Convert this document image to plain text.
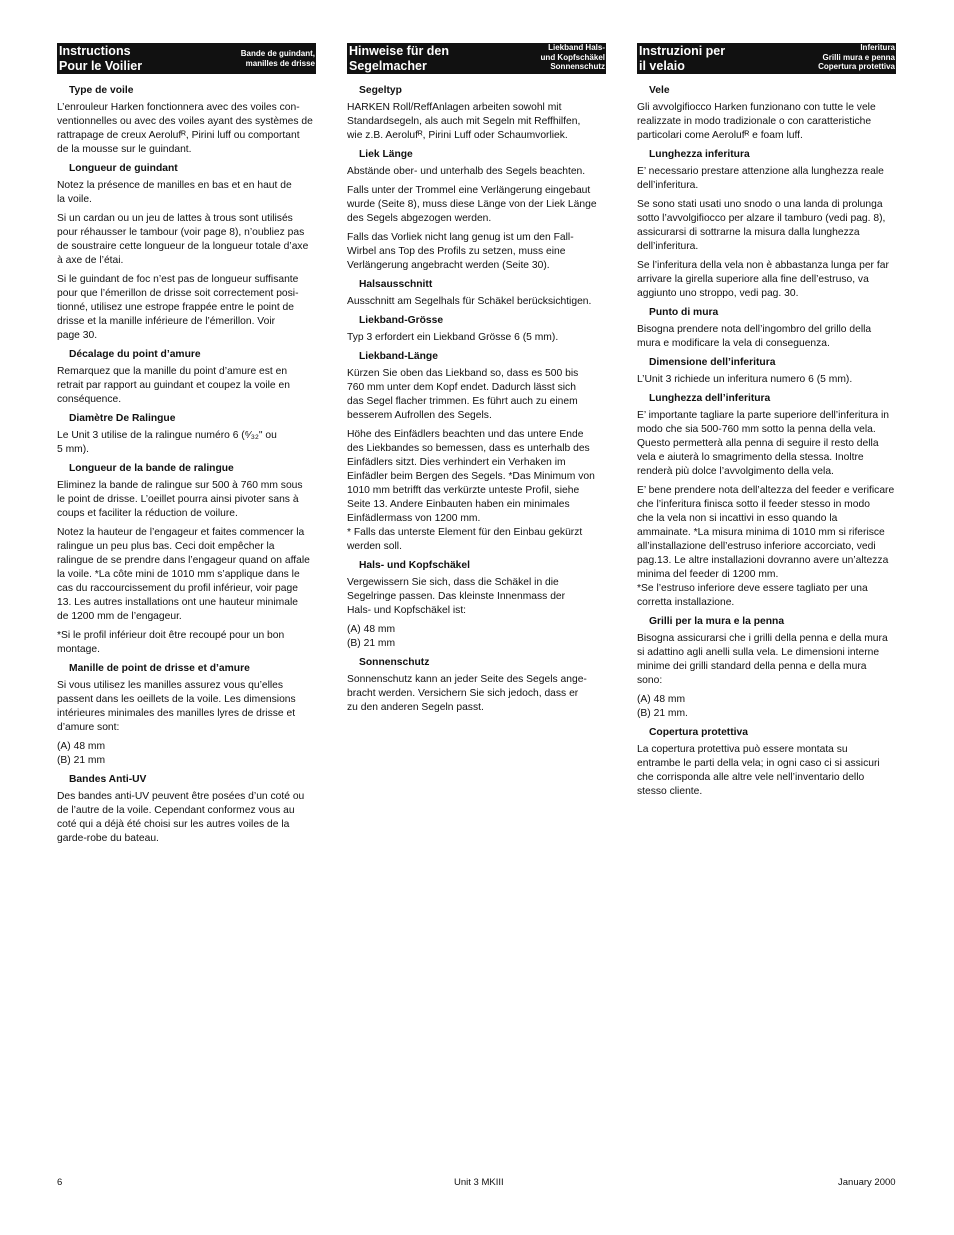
Instructions
Pour le Voilier
Bande de guindant,
manilles de drisse
Type de voile
L’enrouleur Harken fonctionnera avec des voiles con-
ventionnelles ou avec des voiles ayant des systèmes de
rattrapage de creux Aerolufᴿ, Pirini luff ou comportant
de la mousse sur le guindant.
Longueur de guindant
Notez la présence de manilles en bas et en haut de
la voile.
Si un cardan ou un jeu de lattes à trous sont utilisés
pour réhausser le tambour (voir page 8), n’oubliez pas
de soustraire cette longueur de la longueur totale d’axe
à axe de l’étai.
Si le guindant de foc n’est pas de longueur suffisante
pour que l’émerillon de drisse soit correctement posi-
tionné, utilisez une estrope frappée entre le point de
drisse et la manille inférieure de l’émerillon. Voir
page 30.
Décalage du point d’amure
Remarquez que la manille du point d’amure est en
retrait par rapport au guindant et coupez la voile en
conséquence.
Diamètre De Ralingue
Le Unit 3 utilise de la ralingue numéro 6 (⁶⁄₃₂" ou
5 mm).
Longueur de la bande de ralingue
Eliminez la bande de ralingue sur 500 à 760 mm sous
le point de drisse. L’oeillet pourra ainsi pivoter sans à
coups et faciliter la réduction de voilure.
Notez la hauteur de l’engageur et faites commencer la
ralingue un peu plus bas. Ceci doit empêcher la
ralingue de se prendre dans l’engageur quand on affale
la voile. *La côte mini de 1010 mm s’applique dans le
cas du raccourcissement du profil inférieur, voir page
13. Les autres installations ont une hauteur minimale
de 1200 mm de l’engageur.
*Si le profil inférieur doit être recoupé pour un bon
montage.
Manille de point de drisse et d’amure
Si vous utilisez les manilles assurez vous qu’elles
passent dans les oeillets de la voile. Les dimensions
intérieures minimales des manilles lyres de drisse et
d’amure sont:
(A) 48 mm
(B) 21 mm
Bandes Anti-UV
Des bandes anti-UV peuvent être posées d’un coté ou
de l’autre de la voile. Cependant conformez vous au
coté qui a déjà été choisi sur les autres voiles de la
garde-robe du bateau.
Hinweise für den
Segelmacher
Liekband Hals-
und Kopfschäkel
Sonnenschutz
Segeltyp
HARKEN Roll/ReffAnlagen arbeiten sowohl mit
Standardsegeln, als auch mit Segeln mit Reffhilfen,
wie z.B. Aerolufᴿ, Pirini Luff oder Schaumvorliek.
Liek Länge
Abstände ober- und unterhalb des Segels beachten.
Falls unter der Trommel eine Verlängerung eingebaut
wurde (Seite 8), muss diese Länge von der Liek Länge
des Segels abgezogen werden.
Falls das Vorliek nicht lang genug ist um den Fall-
Wirbel ans Top des Profils zu setzen, muss eine
Verlängerung angebracht werden (Seite 30).
Halsausschnitt
Ausschnitt am Segelhals für Schäkel berücksichtigen.
Liekband-Grösse
Typ 3 erfordert ein Liekband Grösse 6 (5 mm).
Liekband-Länge
Kürzen Sie oben das Liekband so, dass es 500 bis
760 mm unter dem Kopf endet. Dadurch lässt sich
das Segel flacher trimmen. Es führt auch zu einem
besserem Aufrollen des Segels.
Höhe des Einfädlers beachten und das untere Ende
des Liekbandes so bemessen, dass es unterhalb des
Einfädlers sitzt. Dies verhindert ein Verhaken im
Einfädler beim Bergen des Segels. *Das Minimum von
1010 mm betrifft das verkürzte unteste Profil, siehe
Seite 13. Andere Einbauten haben ein minimales
Einfädlermass von 1200 mm.
* Falls das unterste Element für den Einbau gekürzt
werden soll.
Hals- und Kopfschäkel
Vergewissern Sie sich, dass die Schäkel in die
Segelringe passen. Das kleinste Innenmass der
Hals- und Kopfschäkel ist:
(A) 48 mm
(B) 21 mm
Sonnenschutz
Sonnenschutz kann an jeder Seite des Segels ange-
bracht werden. Versichern Sie sich jedoch, dass er
zu den anderen Segeln passt.
Instruzioni per
il velaio
Inferitura
Grilli mura e penna
Copertura protettiva
Vele
Gli avvolgifiocco Harken funzionano con tutte le vele
realizzate in modo tradizionale o con caratteristiche
particolari come Aerolufᴿ e foam luff.
Lunghezza inferitura
E’ necessario prestare attenzione alla lunghezza reale
dell’inferitura.
Se sono stati usati uno snodo o una landa di prolunga
sotto l’avvolgifiocco per alzare il tamburo (vedi pag. 8),
assicurarsi di sottrarne la misura dalla lunghezza
dell’inferitura.
Se l’inferitura della vela non è abbastanza lunga per far
arrivare la girella superiore alla fine dell’estruso, va
aggiunto uno stroppo, vedi pag. 30.
Punto di mura
Bisogna prendere nota dell’ingombro del grillo della
mura e modificare la vela di conseguenza.
Dimensione dell’inferitura
L’Unit 3 richiede un inferitura numero 6 (5 mm).
Lunghezza dell’inferitura
E’ importante tagliare la parte superiore dell’inferitura in
modo che sia 500-760 mm sotto la penna della vela.
Questo permetterà alla penna di seguire il resto della
vela e aiuterà lo smagrimento della stessa. Inoltre
renderà più dolce l’avvolgimento della vela.
E’ bene prendere nota dell’altezza del feeder e verificare
che l’inferitura finisca sotto il feeder stesso in modo
che la vela non si incattivi in esso quando la
ammainate. *La misura minima di 1010 mm si riferisce
all’installazione dell’estruso inferiore accorciato, vedi
pag.13. Le altre installazioni dovranno avere un’altezza
minima del feeder di 1200 mm.
*Se l’estruso inferiore deve essere tagliato per una
corretta installazione.
Grilli per la mura e la penna
Bisogna assicurarsi che i grilli della penna e della mura
si adattino agli anelli sulla vela. Le dimensioni interne
minime dei grilli standard della penna e della mura
sono:
(A) 48 mm
(B) 21 mm.
Copertura protettiva
La copertura protettiva può essere montata su
entrambe le parti della vela; in ogni caso ci si assicuri
che corrisponda alle altre vele nell’inventario dello
stesso cliente.
6	Unit 3 MKIII	January 2000
